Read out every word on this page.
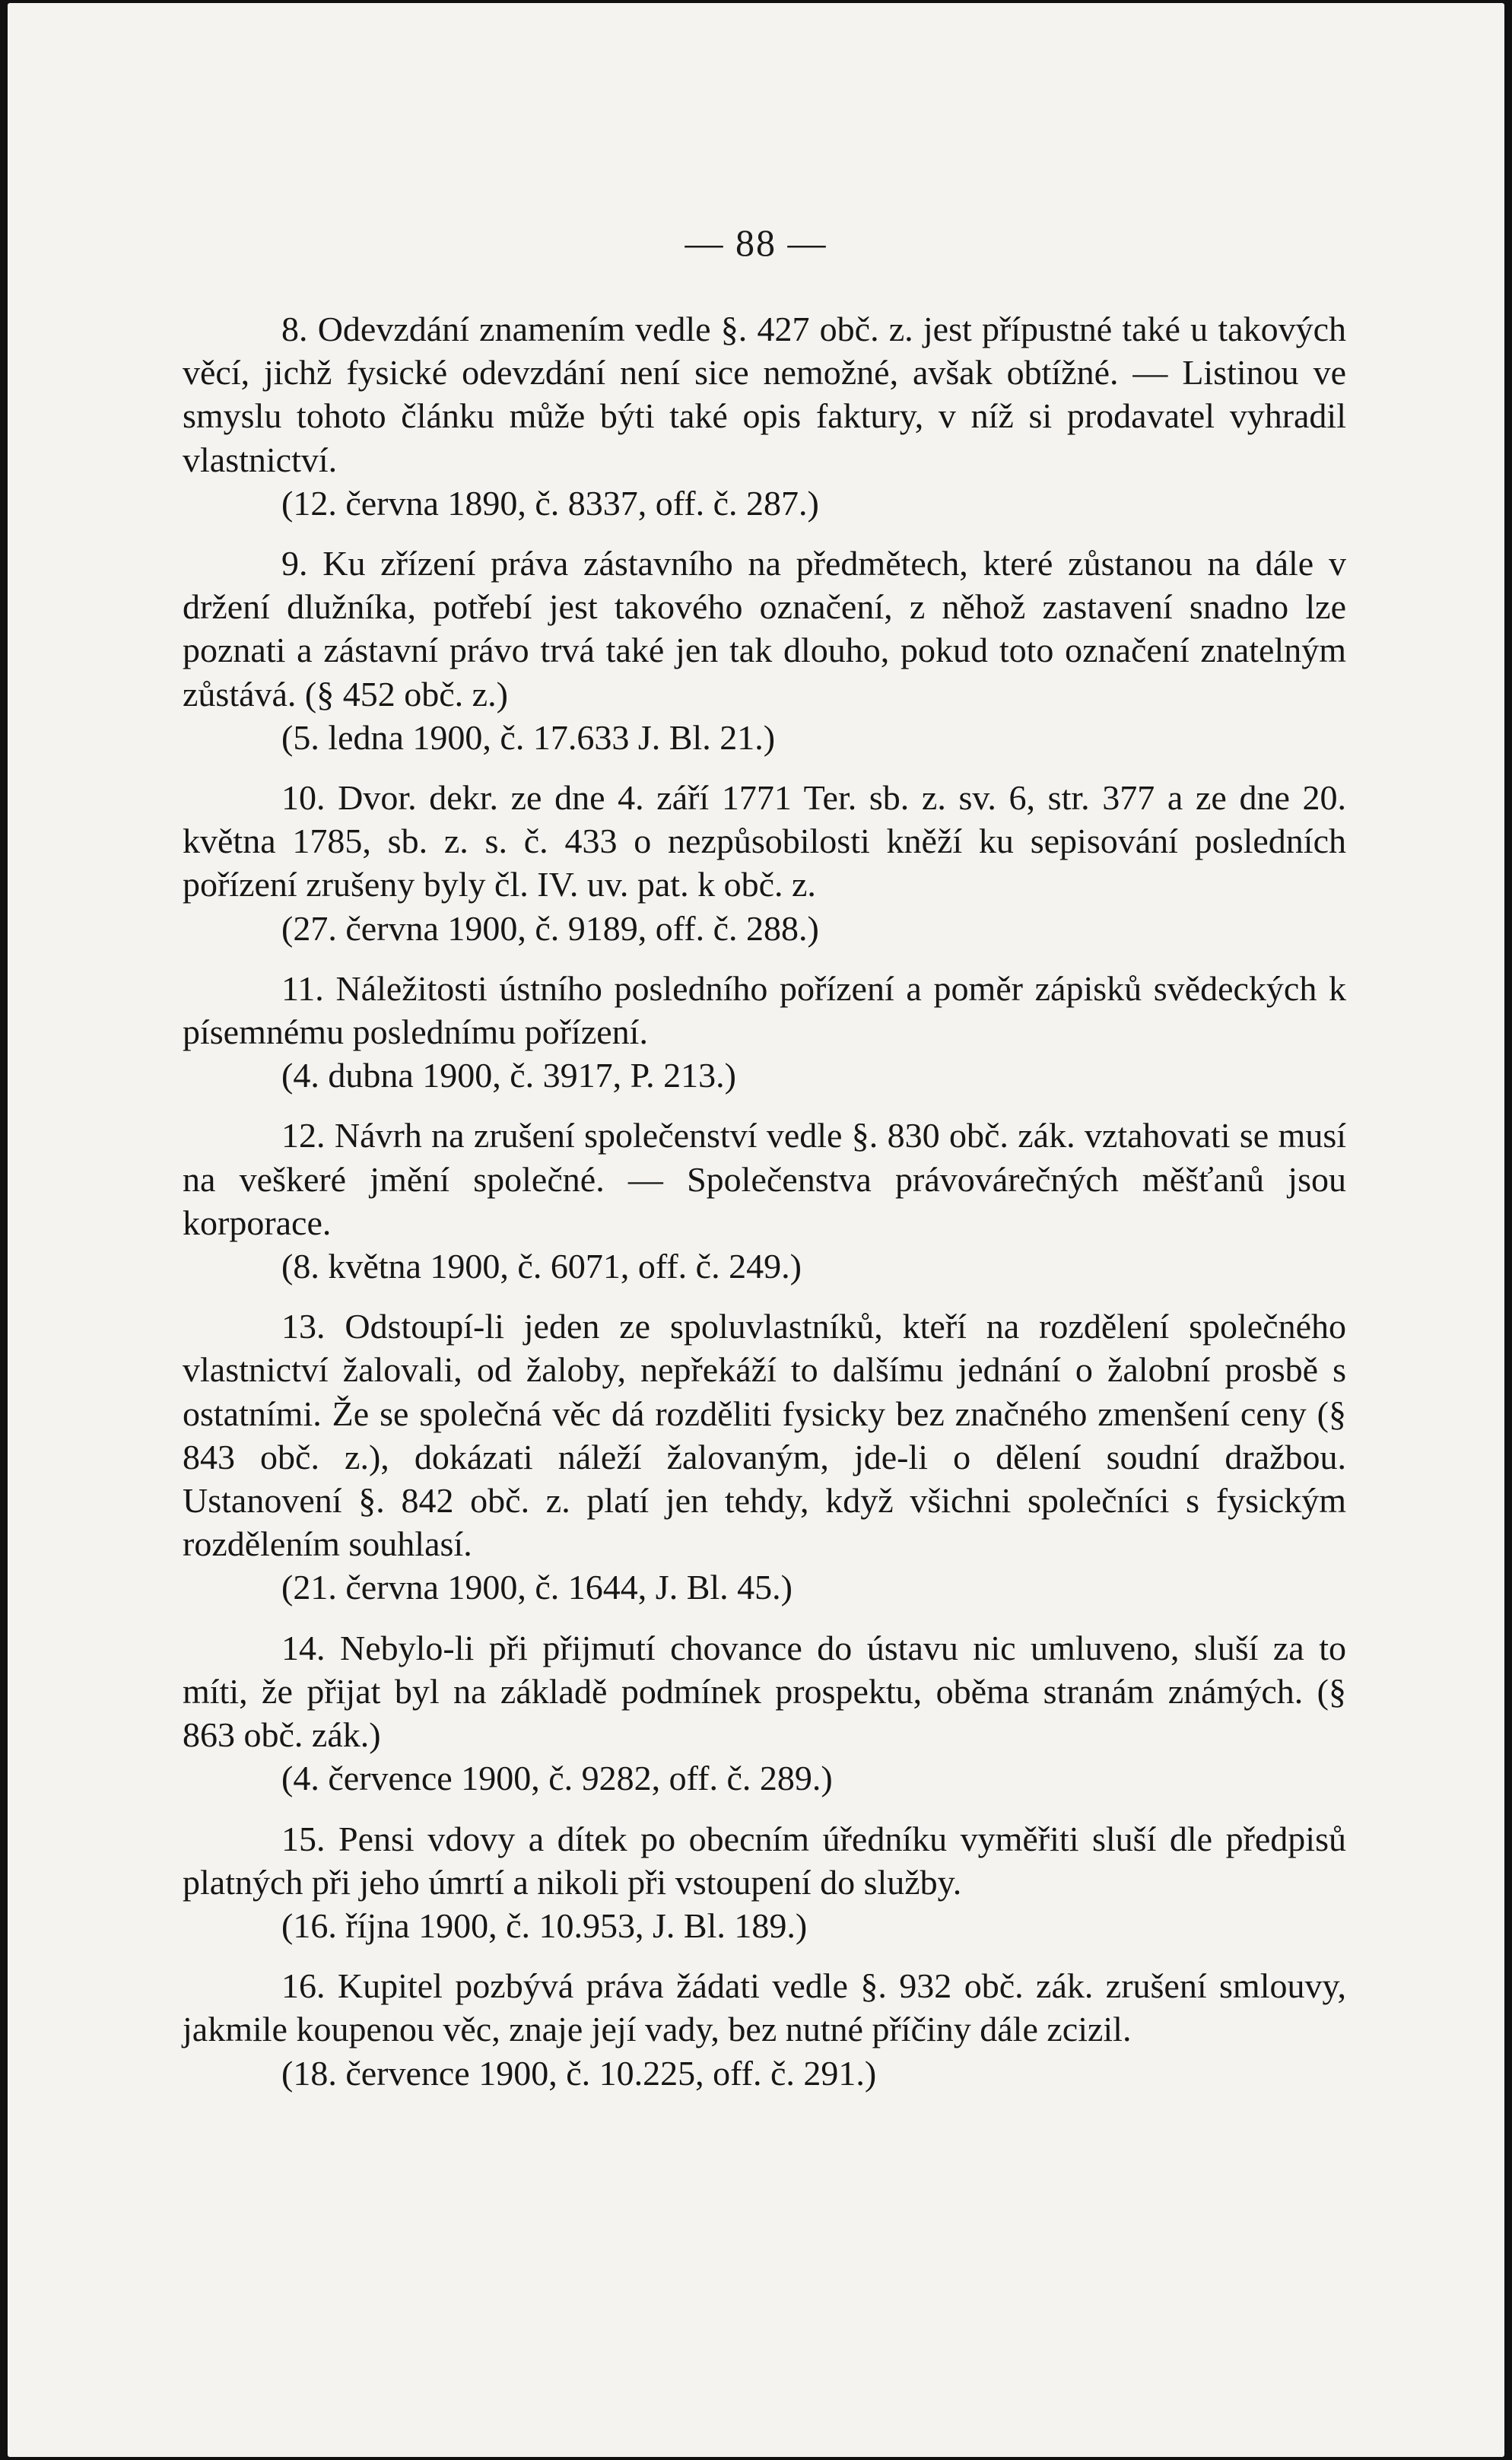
— 88 —

8. Odevzdání znamením vedle §. 427 obč. z. jest přípustné také u takových věcí, jichž fysické odevzdání není sice nemožné, avšak obtížné. — Listinou ve smyslu tohoto článku může býti také opis faktury, v níž si prodavatel vyhradil vlastnictví.

(12. června 1890, č. 8337, off. č. 287.)

9. Ku zřízení práva zástavního na předmětech, které zůstanou na dále v držení dlužníka, potřebí jest takového označení, z něhož zastavení snadno lze poznati a zástavní právo trvá také jen tak dlouho, pokud toto označení znatelným zůstává. (§ 452 obč. z.)

(5. ledna 1900, č. 17.633 J. Bl. 21.)

10. Dvor. dekr. ze dne 4. září 1771 Ter. sb. z. sv. 6, str. 377 a ze dne 20. května 1785, sb. z. s. č. 433 o nezpůsobilosti kněží ku sepisování posledních pořízení zrušeny byly čl. IV. uv. pat. k obč. z.

(27. června 1900, č. 9189, off. č. 288.)

11. Náležitosti ústního posledního pořízení a poměr zápisků svědeckých k písemnému poslednímu pořízení.

(4. dubna 1900, č. 3917, P. 213.)

12. Návrh na zrušení společenství vedle §. 830 obč. zák. vztahovati se musí na veškeré jmění společné. — Společenstva právovárečných měšťanů jsou korporace.

(8. května 1900, č. 6071, off. č. 249.)

13. Odstoupí-li jeden ze spoluvlastníků, kteří na rozdělení společného vlastnictví žalovali, od žaloby, nepřekáží to dalšímu jednání o žalobní prosbě s ostatními. Že se společná věc dá rozděliti fysicky bez značného zmenšení ceny (§ 843 obč. z.), dokázati náleží žalovaným, jde-li o dělení soudní dražbou. Ustanovení §. 842 obč. z. platí jen tehdy, když všichni společníci s fysickým rozdělením souhlasí.

(21. června 1900, č. 1644, J. Bl. 45.)

14. Nebylo-li při přijmutí chovance do ústavu nic umluveno, sluší za to míti, že přijat byl na základě podmínek prospektu, oběma stranám známých. (§ 863 obč. zák.)

(4. července 1900, č. 9282, off. č. 289.)

15. Pensi vdovy a dítek po obecním úředníku vyměřiti sluší dle předpisů platných při jeho úmrtí a nikoli při vstoupení do služby.

(16. října 1900, č. 10.953, J. Bl. 189.)

16. Kupitel pozbývá práva žádati vedle §. 932 obč. zák. zrušení smlouvy, jakmile koupenou věc, znaje její vady, bez nutné příčiny dále zcizil.

(18. července 1900, č. 10.225, off. č. 291.)
